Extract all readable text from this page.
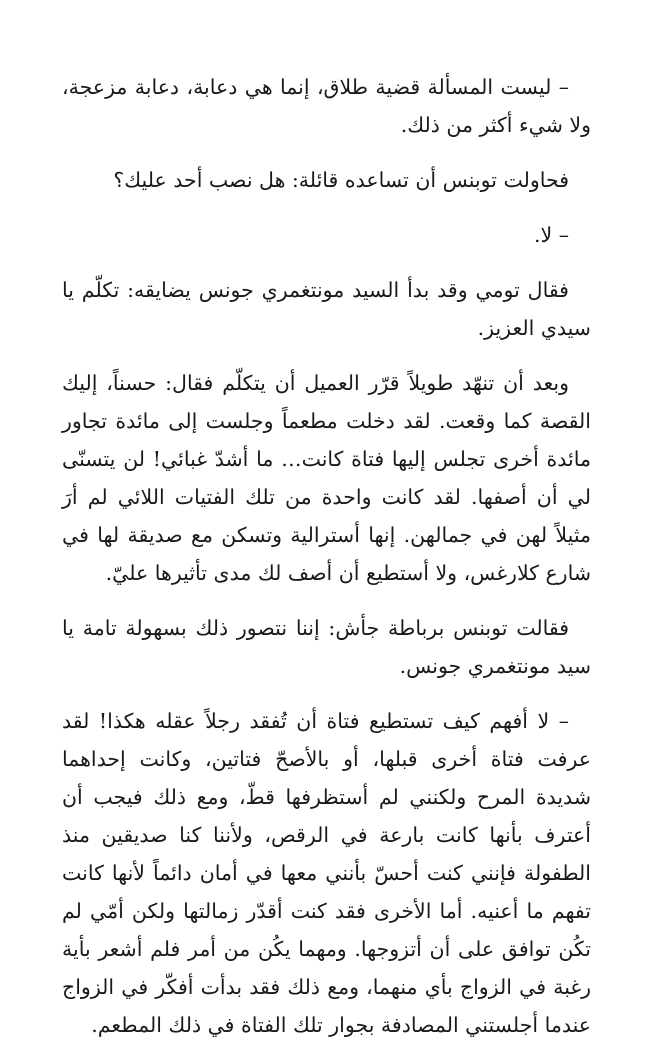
– ليست المسألة قضية طلاق، إنما هي دعابة، دعابة مزعجة، ولا شيء أكثر من ذلك.

فحاولت توبنس أن تساعده قائلة: هل نصب أحد عليك؟

– لا.

فقال تومي وقد بدأ السيد مونتغمري جونس يضايقه: تكلّم يا سيدي العزيز.

وبعد أن تنهّد طويلاً قرّر العميل أن يتكلّم فقال: حسناً، إليك القصة كما وقعت. لقد دخلت مطعماً وجلست إلى مائدة تجاور مائدة أخرى تجلس إليها فتاة كانت… ما أشدّ غبائي! لن يتسنّى لي أن أصفها. لقد كانت واحدة من تلك الفتيات اللائي لم أرَ مثيلاً لهن في جمالهن. إنها أسترالية وتسكن مع صديقة لها في شارع كلارغس، ولا أستطيع أن أصف لك مدى تأثيرها عليّ.

فقالت توبنس برباطة جأش: إننا نتصور ذلك بسهولة تامة يا سيد مونتغمري جونس.

– لا أفهم كيف تستطيع فتاة أن تُفقد رجلاً عقله هكذا! لقد عرفت فتاة أخرى قبلها، أو بالأصحّ فتاتين، وكانت إحداهما شديدة المرح ولكنني لم أستظرفها قطّ، ومع ذلك فيجب أن أعترف بأنها كانت بارعة في الرقص، ولأننا كنا صديقين منذ الطفولة فإنني كنت أحسّ بأنني معها في أمان دائماً لأنها كانت تفهم ما أعنيه. أما الأخرى فقد كنت أقدّر زمالتها ولكن أمّي لم تكُن توافق على أن أتزوجها. ومهما يكُن من أمر فلم أشعر بأية رغبة في الزواج بأي منهما، ومع ذلك فقد بدأت أفكّر في الزواج عندما أجلستني المصادفة بجوار تلك الفتاة في ذلك المطعم.
